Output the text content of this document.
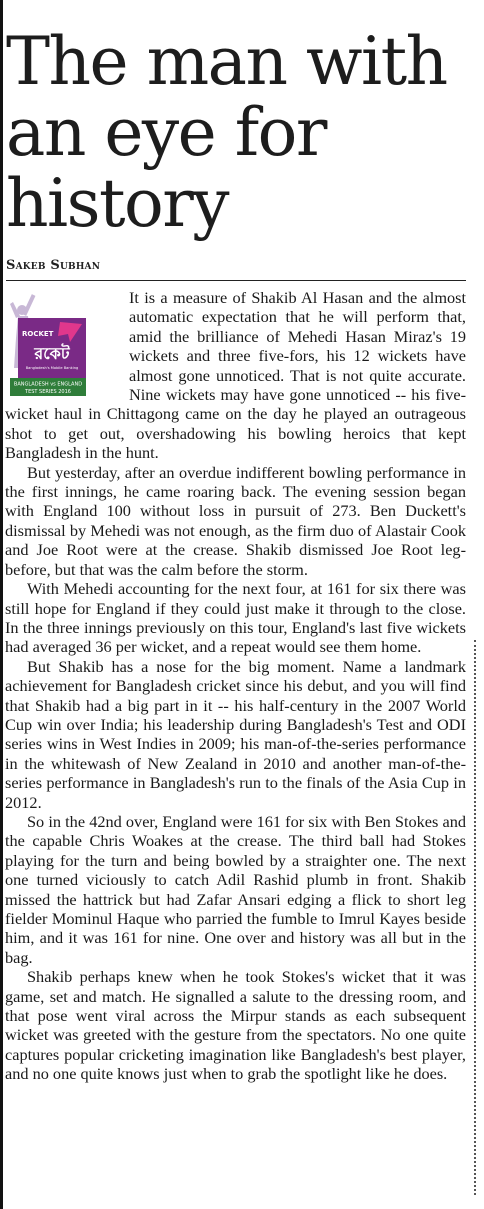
The man with an eye for history
Sakeb Subhan
ROCKET
রকেট
Bangladesh's Mobile Banking
BANGLADESH vs ENGLAND
TEST SERIES 2016

It is a measure of Shakib Al Hasan and the almost automatic expectation that he will perform that, amid the brilliance of Mehedi Hasan Miraz's 19 wickets and three five-fors, his 12 wickets have almost gone unnoticed. That is not quite accurate. Nine wickets may have gone unnoticed -- his five-wicket haul in Chittagong came on the day he played an outrageous shot to get out, overshadowing his bowling heroics that kept Bangladesh in the hunt.

But yesterday, after an overdue indifferent bowling performance in the first innings, he came roaring back. The evening session began with England 100 without loss in pursuit of 273. Ben Duckett's dismissal by Mehedi was not enough, as the firm duo of Alastair Cook and Joe Root were at the crease. Shakib dismissed Joe Root leg-before, but that was the calm before the storm.

With Mehedi accounting for the next four, at 161 for six there was still hope for England if they could just make it through to the close. In the three innings previously on this tour, England's last five wickets had averaged 36 per wicket, and a repeat would see them home.

But Shakib has a nose for the big moment. Name a landmark achievement for Bangladesh cricket since his debut, and you will find that Shakib had a big part in it -- his half-century in the 2007 World Cup win over India; his leadership during Bangladesh's Test and ODI series wins in West Indies in 2009; his man-of-the-series performance in the whitewash of New Zealand in 2010 and another man-of-the-series performance in Bangladesh's run to the finals of the Asia Cup in 2012.

So in the 42nd over, England were 161 for six with Ben Stokes and the capable Chris Woakes at the crease. The third ball had Stokes playing for the turn and being bowled by a straighter one. The next one turned viciously to catch Adil Rashid plumb in front. Shakib missed the hattrick but had Zafar Ansari edging a flick to short leg fielder Mominul Haque who parried the fumble to Imrul Kayes beside him, and it was 161 for nine. One over and history was all but in the bag.

Shakib perhaps knew when he took Stokes's wicket that it was game, set and match. He signalled a salute to the dressing room, and that pose went viral across the Mirpur stands as each subsequent wicket was greeted with the gesture from the spectators. No one quite captures popular cricketing imagination like Bangladesh's best player, and no one quite knows just when to grab the spotlight like he does.
